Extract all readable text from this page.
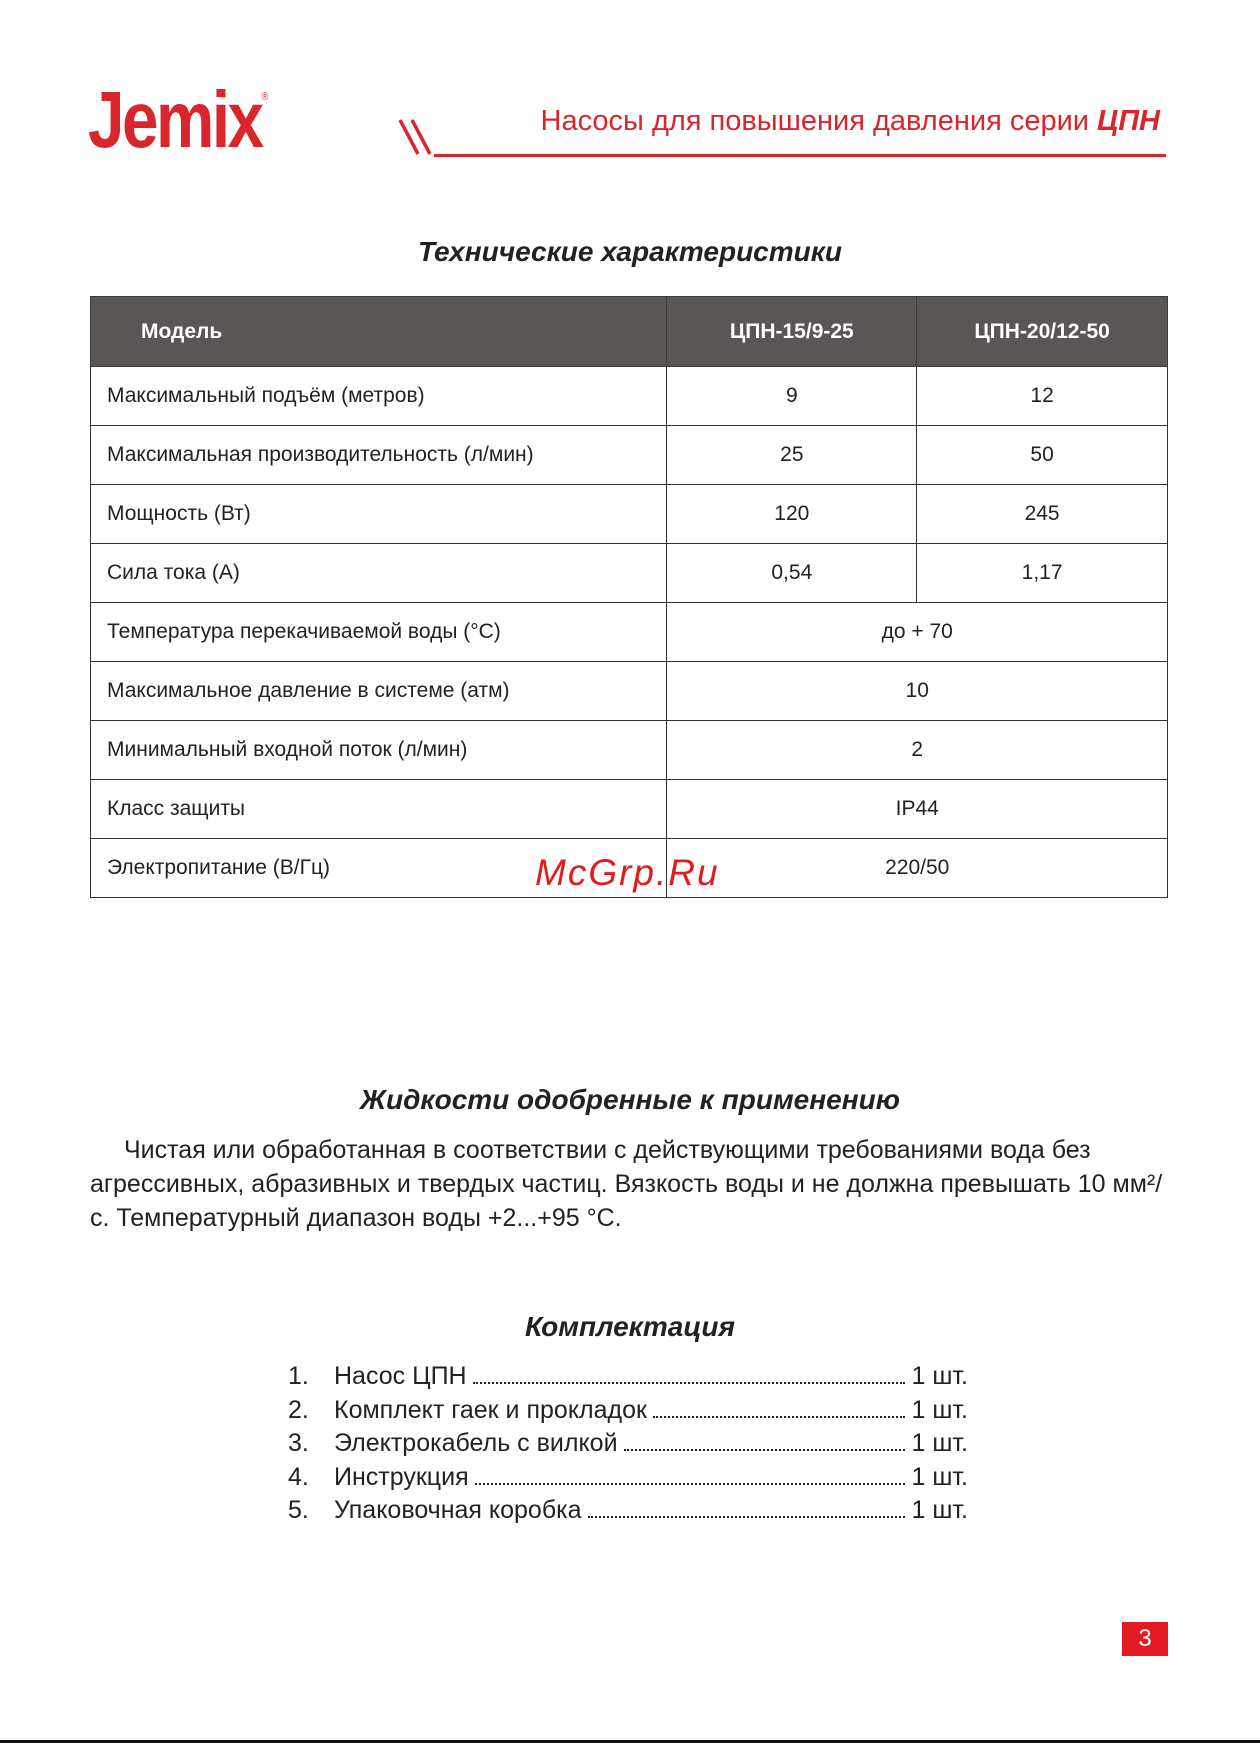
Jemix®
Насосы для повышения давления серии ЦПН
Технические характеристики
Модель	ЦПН-15/9-25	ЦПН-20/12-50
Максимальный подъём (метров)	9	12
Максимальная производительность (л/мин)	25	50
Мощность (Вт)	120	245
Сила тока (А)	0,54	1,17
Температура перекачиваемой воды (°С)	до + 70	
Максимальное давление в системе (атм)	10	
Минимальный входной поток (л/мин)	2	
Класс защиты	IP44	
Электропитание (В/Гц)	220/50	
McGrp.Ru
Жидкости одобренные к применению

Чистая или обработанная в соответствии с действующими требованиями вода без агрессивных, абразивных и твердых частиц. Вязкость воды и не должна превышать 10 мм²/с. Температурный диапазон воды +2...+95 °С.

Комплектация
1.	Насос ЦПН	1 шт.
2.	Комплект гаек и прокладок	1 шт.
3.	Электрокабель с вилкой	1 шт.
4.	Инструкция	1 шт.
5.	Упаковочная коробка	1 шт.
3
